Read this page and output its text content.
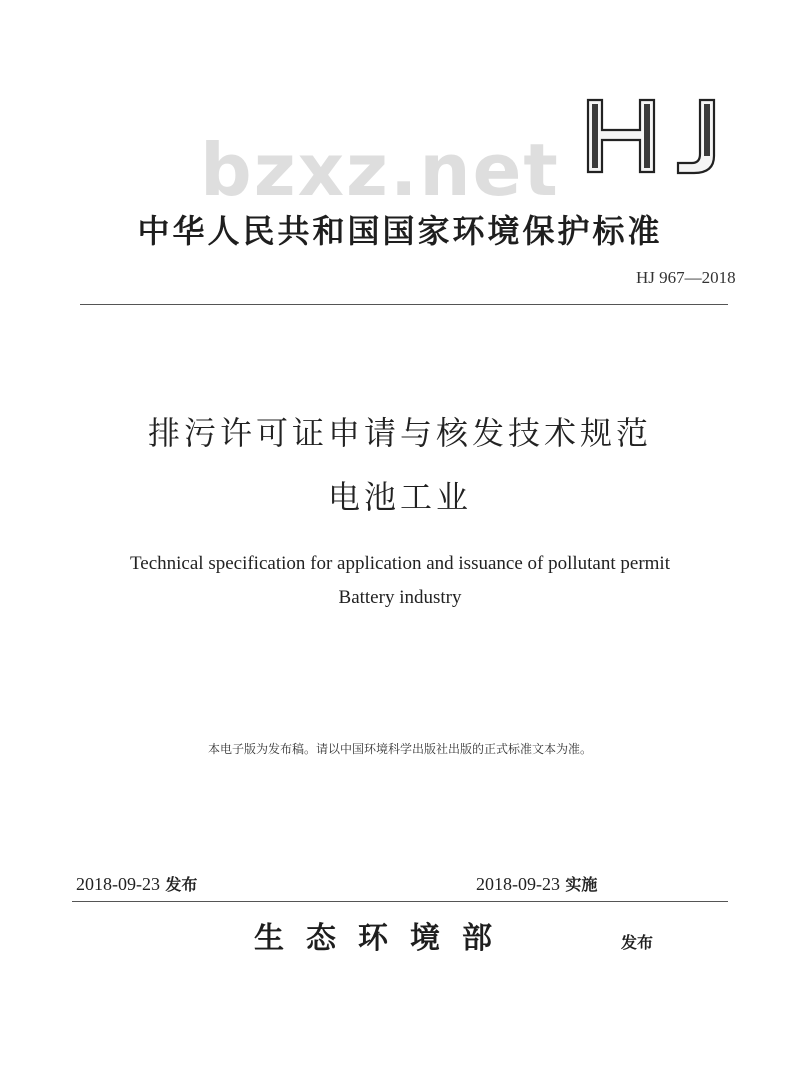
bzxz.net
中华人民共和国国家环境保护标准
HJ 967—2018
排污许可证申请与核发技术规范
电池工业
Technical specification for application and issuance of pollutant permit
Battery industry
本电子版为发布稿。请以中国环境科学出版社出版的正式标准文本为准。
2018-09-23 发布	2018-09-23 实施
生态环境部	发布
